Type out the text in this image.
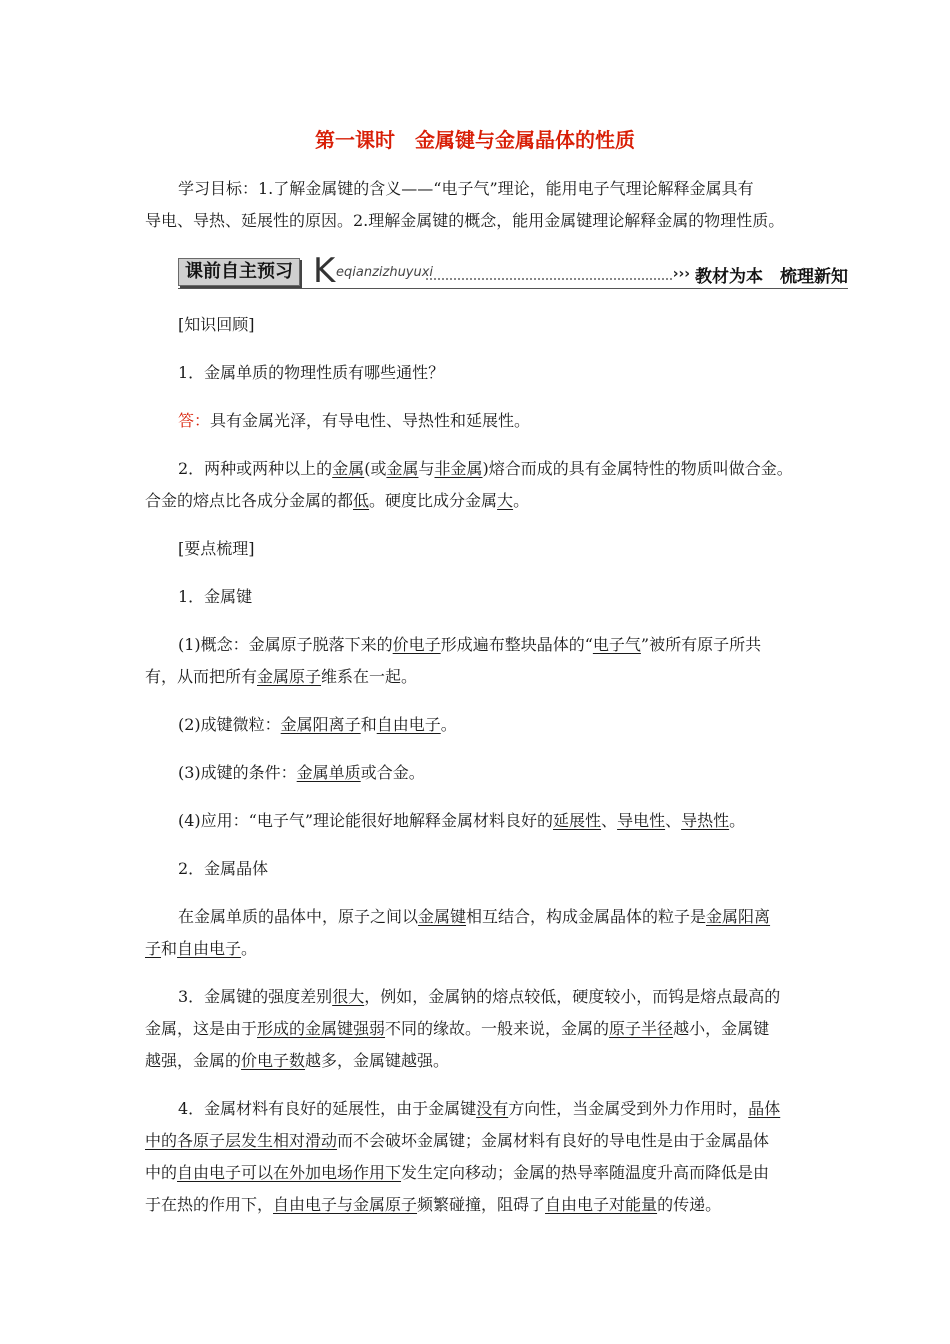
第一课时　金属键与金属晶体的性质
学习目标：1.了解金属键的含义——“电子气”理论，能用电子气理论解释金属具有
导电、导热、延展性的原因。2.理解金属键的概念，能用金属键理论解释金属的物理性质。
课前自主预习 K eqianzizhuyuxi	››› 教材为本　梳理新知
[知识回顾]
1．金属单质的物理性质有哪些通性？
答：具有金属光泽，有导电性、导热性和延展性。
2．两种或两种以上的金属(或金属与非金属)熔合而成的具有金属特性的物质叫做合金。
合金的熔点比各成分金属的都低。硬度比成分金属大。
[要点梳理]
1．金属键
(1)概念：金属原子脱落下来的价电子形成遍布整块晶体的“电子气”被所有原子所共
有，从而把所有金属原子维系在一起。
(2)成键微粒：金属阳离子和自由电子。
(3)成键的条件：金属单质或合金。
(4)应用：“电子气”理论能很好地解释金属材料良好的延展性、导电性、导热性。
2．金属晶体
在金属单质的晶体中，原子之间以金属键相互结合，构成金属晶体的粒子是金属阳离
子和自由电子。
3．金属键的强度差别很大，例如，金属钠的熔点较低，硬度较小，而钨是熔点最高的
金属，这是由于形成的金属键强弱不同的缘故。一般来说，金属的原子半径越小，金属键
越强，金属的价电子数越多，金属键越强。
4．金属材料有良好的延展性，由于金属键没有方向性，当金属受到外力作用时，晶体
中的各原子层发生相对滑动而不会破坏金属键；金属材料有良好的导电性是由于金属晶体
中的自由电子可以在外加电场作用下发生定向移动；金属的热导率随温度升高而降低是由
于在热的作用下，自由电子与金属原子频繁碰撞，阻碍了自由电子对能量的传递。
